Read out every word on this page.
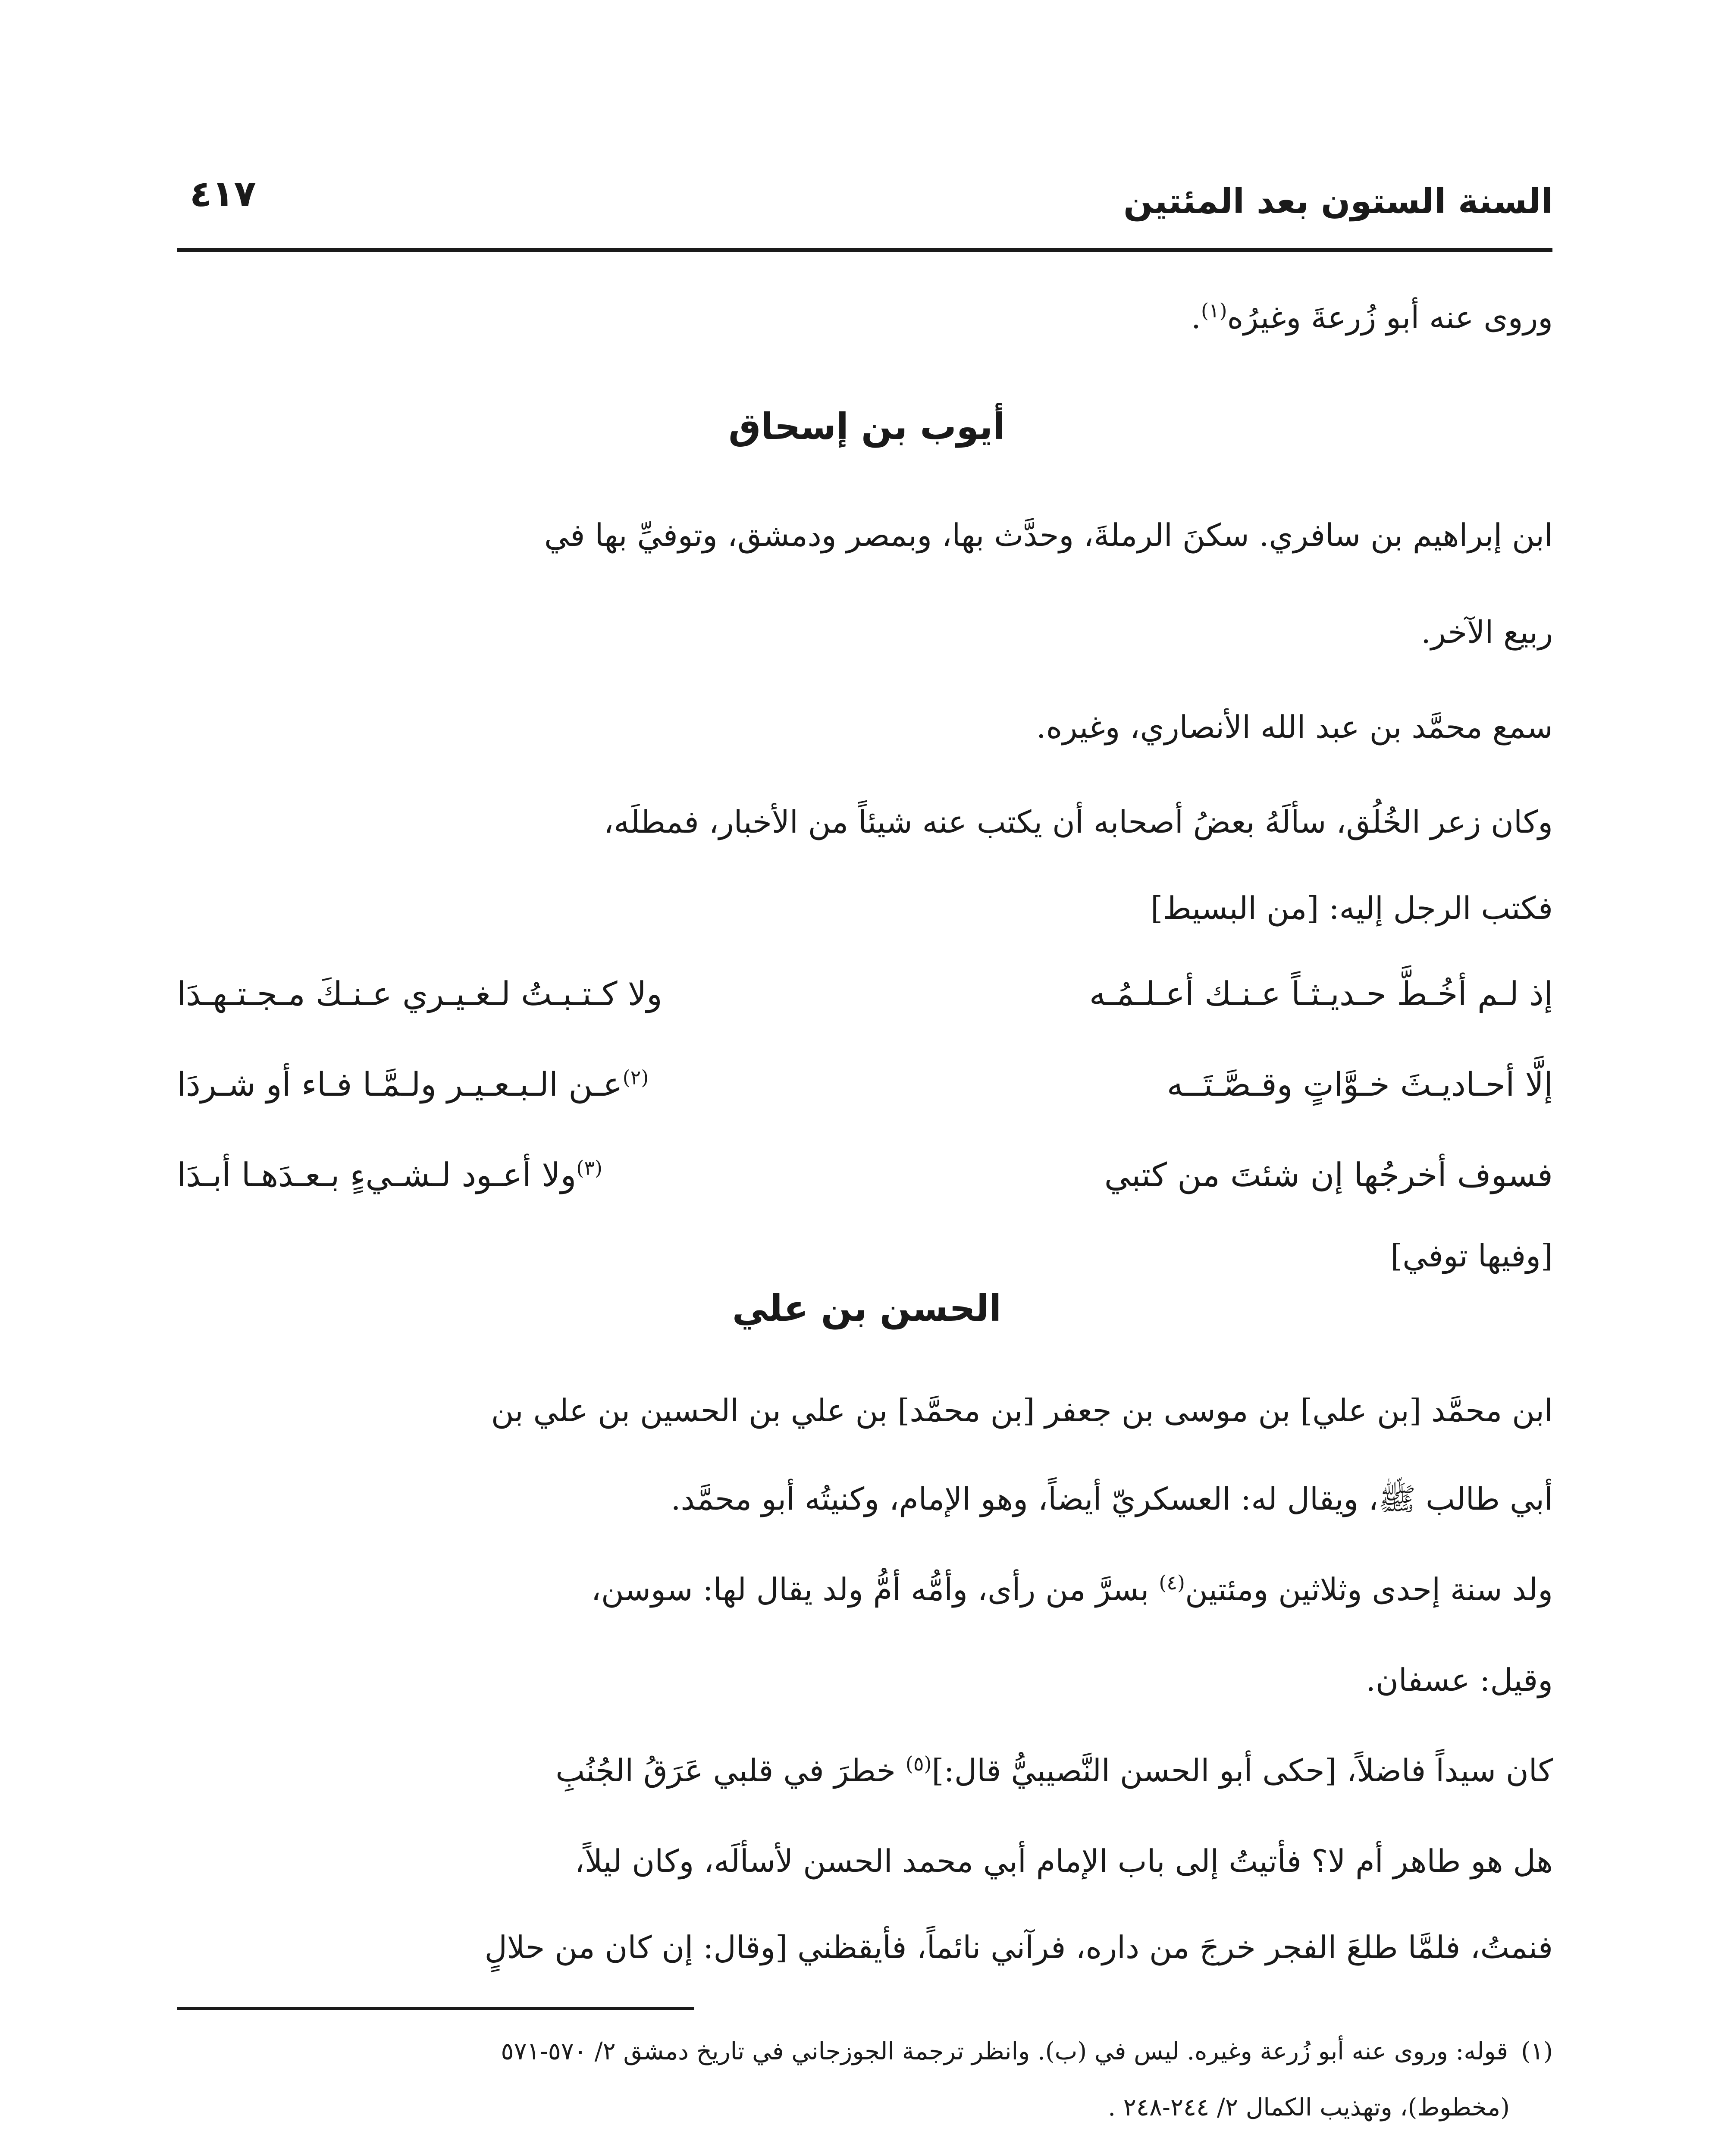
السنة الستون بعد المئتين
٤١٧
وروى عنه أبو زُرعةَ وغيرُه$^{(١)}$.
أيوب بن إسحاق
ابن إبراهيم بن سافري. سكنَ الرملةَ، وحدَّث بها، وبمصر ودمشق، وتوفيِّ بها في
ربيع الآخر.
سمع محمَّد بن عبد الله الأنصاري، وغيره.
وكان زعر الخُلُق، سألَهُ بعضُ أصحابه أن يكتب عنه شيئاً من الأخبار، فمطلَه،
فكتب الرجل إليه: [من البسيط]
إذ لـم أخُـطَّ حـديـثـاً عـنـك أعـلـمُـه
ولا كـتـبـتُ لـغـيـري عـنـكَ مـجـتـهـدَا
إلَّا أحـاديـثَ خـوَّاتٍ وقـصَّـتَــه
$^{(٢)}$عـن الـبـعـيـر ولـمَّـا فـاء أو شـردَا
فسوف أخرجُها إن شئتَ من كتبي
$^{(٣)}$ولا أعـود لـشـيءٍ بـعـدَهـا أبـدَا
[وفيها توفي]
الحسن بن علي
ابن محمَّد [بن علي] بن موسى بن جعفر [بن محمَّد] بن علي بن الحسين بن علي بن
أبي طالب ﷺ، ويقال له: العسكريّ أيضاً، وهو الإمام، وكنيتُه أبو محمَّد.
ولد سنة إحدى وثلاثين ومئتين$^{(٤)}$ بسرَّ من رأى، وأمُّه أمُّ ولد يقال لها: سوسن،
وقيل: عسفان.
كان سيداً فاضلاً، [حكى أبو الحسن النَّصيبيُّ قال:]$^{(٥)}$ خطرَ في قلبي عَرَقُ الجُنُبِ
هل هو طاهر أم لا؟ فأتيتُ إلى باب الإمام أبي محمد الحسن لأسألَه، وكان ليلاً،
فنمتُ، فلمَّا طلعَ الفجر خرجَ من داره، فرآني نائماً، فأيقظني [وقال: إن كان من حلالٍ
(١)قوله: وروى عنه أبو زُرعة وغيره. ليس في (ب). وانظر ترجمة الجوزجاني في تاريخ دمشق ٢/ ٥٧٠-٥٧١
(مخطوط)، وتهذيب الكمال ٢/ ٢٤٤-٢٤٨ .
